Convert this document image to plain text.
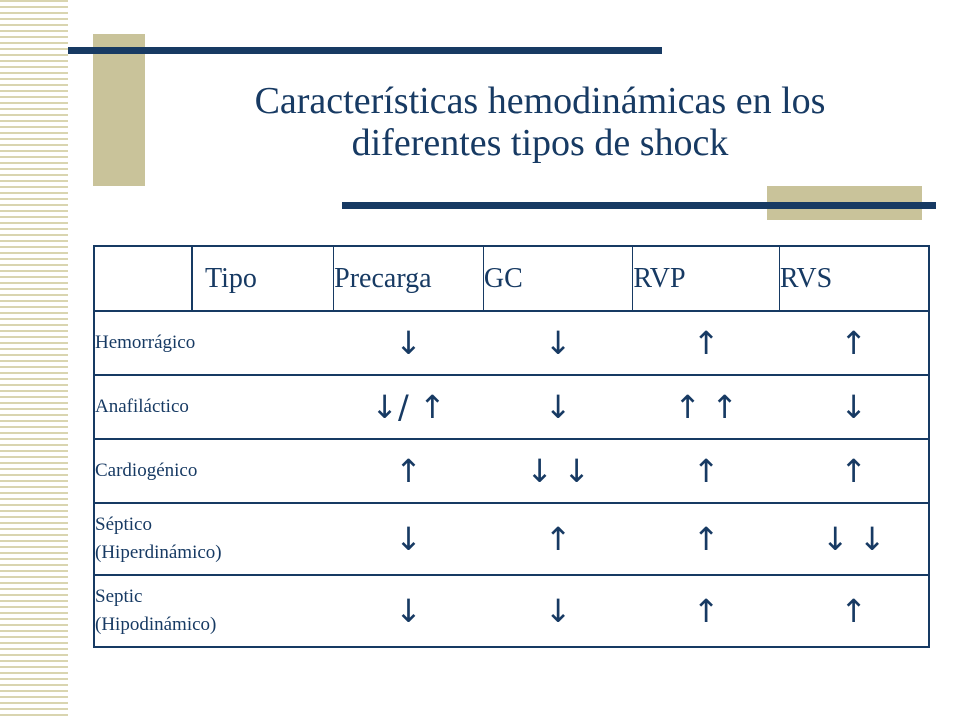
Características hemodinámicas en los
diferentes tipos de shock
Tipo	Precarga	GC	RVP	RVS

Hemorrágico	↓	↓	↑	↑

Anafiláctico	↓/ ↑	↓	↑ ↑	↓

Cardiogénico	↑	↓ ↓	↑	↑

Séptico
(Hiperdinámico)	↓	↑	↑	↓ ↓

Septic
(Hipodinámico)	↓	↓	↑	↑
